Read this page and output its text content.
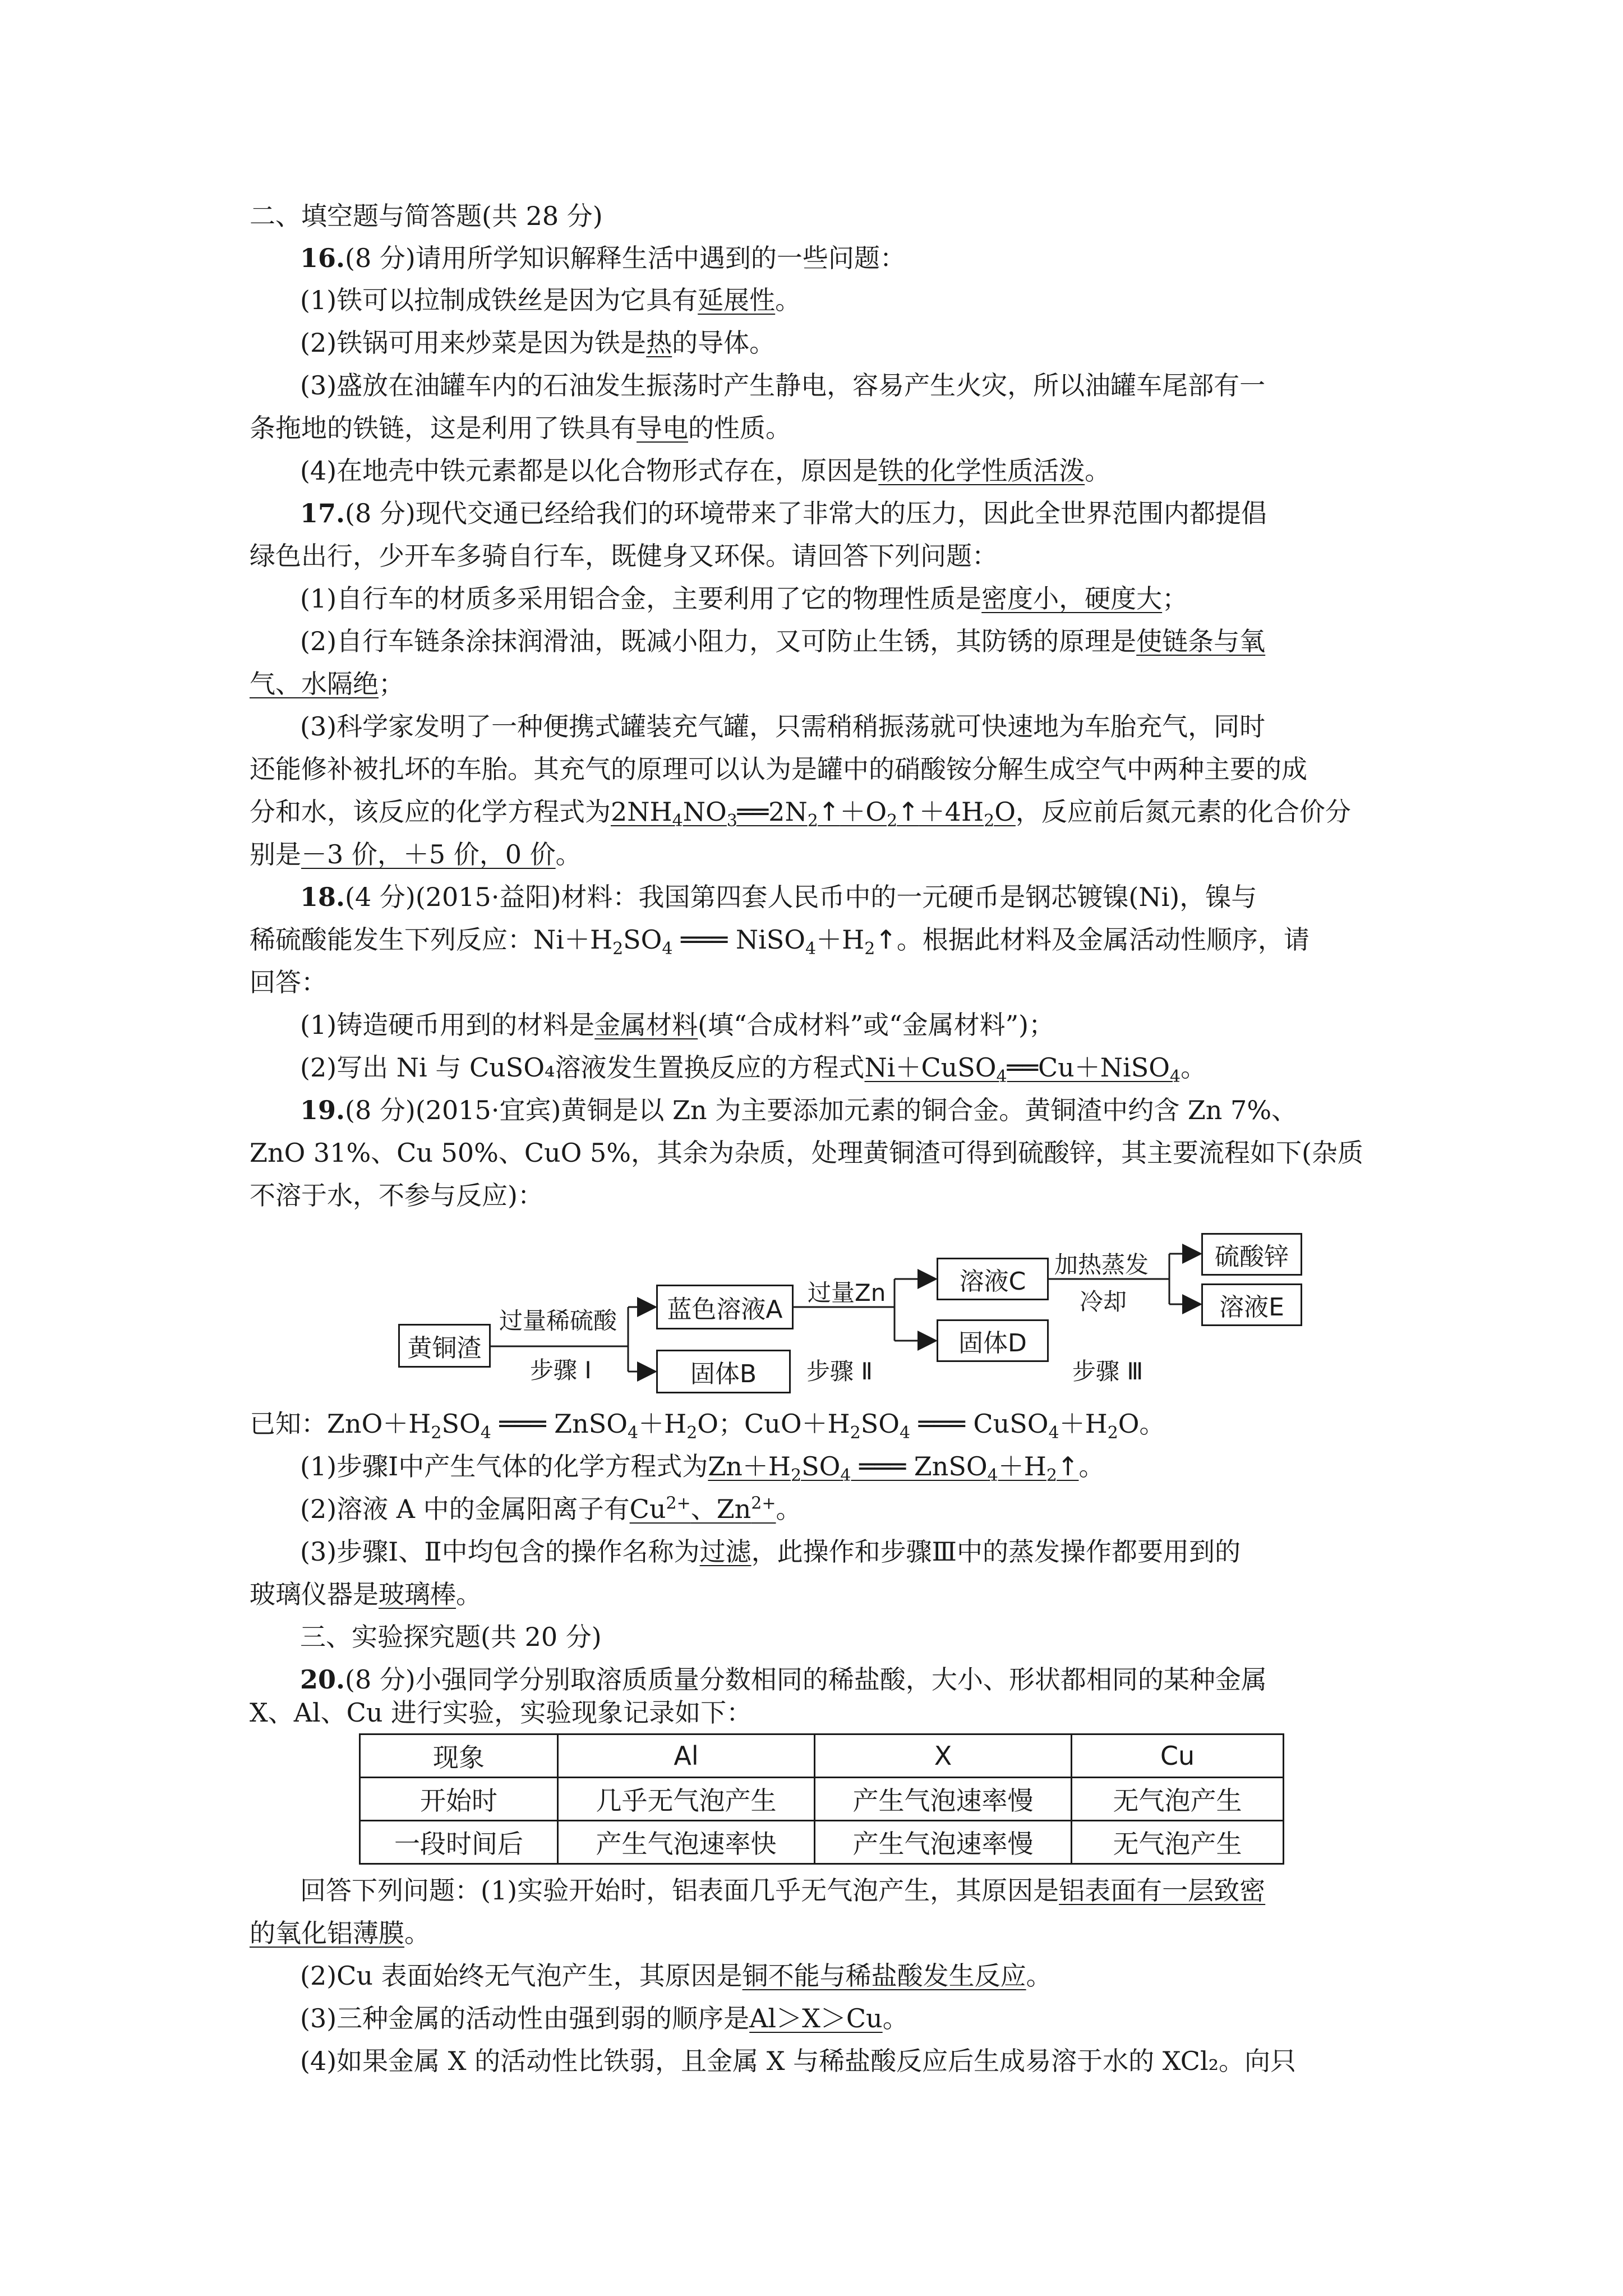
二、填空题与简答题(共 28 分)
16.(8 分)请用所学知识解释生活中遇到的一些问题：
(1)铁可以拉制成铁丝是因为它具有延展性。
(2)铁锅可用来炒菜是因为铁是热的导体。
(3)盛放在油罐车内的石油发生振荡时产生静电，容易产生火灾，所以油罐车尾部有一
条拖地的铁链，这是利用了铁具有导电的性质。
(4)在地壳中铁元素都是以化合物形式存在，原因是铁的化学性质活泼。
17.(8 分)现代交通已经给我们的环境带来了非常大的压力，因此全世界范围内都提倡
绿色出行，少开车多骑自行车，既健身又环保。请回答下列问题：
(1)自行车的材质多采用铝合金，主要利用了它的物理性质是密度小，硬度大；
(2)自行车链条涂抹润滑油，既减小阻力，又可防止生锈，其防锈的原理是使链条与氧
气、水隔绝；
(3)科学家发明了一种便携式罐装充气罐，只需稍稍振荡就可快速地为车胎充气，同时
还能修补被扎坏的车胎。其充气的原理可以认为是罐中的硝酸铵分解生成空气中两种主要的成
分和水，该反应的化学方程式为$2NH_4NO_3══2N_2↑+O_2↑+4H_2O$，反应前后氮元素的化合价分
别是－3 价，＋5 价，0 价。
18.(4 分)(2015·益阳)材料：我国第四套人民币中的一元硬币是钢芯镀镍(Ni)，镍与
稀硫酸能发生下列反应：$Ni+H_2SO_4$ ═══ $NiSO_4+H_2↑$。根据此材料及金属活动性顺序，请
回答：
(1)铸造硬币用到的材料是金属材料(填“合成材料”或“金属材料”)；
(2)写出 Ni 与 CuSO₄溶液发生置换反应的方程式Ni＋CuSO$_4$══Cu＋NiSO$_4$。
19.(8 分)(2015·宜宾)黄铜是以 Zn 为主要添加元素的铜合金。黄铜渣中约含 Zn 7%、
ZnO 31%、Cu 50%、CuO 5%，其余为杂质，处理黄铜渣可得到硫酸锌，其主要流程如下(杂质
不溶于水，不参与反应)：
黄铜渣
过量稀硫酸
步骤 Ⅰ
蓝色溶液A
固体B
过量Zn
步骤 Ⅱ
溶液C
固体D
加热蒸发
冷却
步骤 Ⅲ
硫酸锌
溶液E
已知：$ZnO+H_2SO_4$ ═══ $ZnSO_4+H_2O$；$CuO+H_2SO_4$ ═══ $CuSO_4+H_2O$。
(1)步骤Ⅰ中产生气体的化学方程式为$Zn+H_2SO_4$ ═══ $ZnSO_4+H_2↑$。
(2)溶液 A 中的金属阳离子有$Cu^{2+}$、$Zn^{2+}$。
(3)步骤Ⅰ、Ⅱ中均包含的操作名称为过滤，此操作和步骤Ⅲ中的蒸发操作都要用到的
玻璃仪器是玻璃棒。
三、实验探究题(共 20 分)
20.(8 分)小强同学分别取溶质质量分数相同的稀盐酸，大小、形状都相同的某种金属
X、Al、Cu 进行实验，实验现象记录如下：
现象	Al	X	Cu
开始时	几乎无气泡产生	产生气泡速率慢	无气泡产生
一段时间后	产生气泡速率快	产生气泡速率慢	无气泡产生
回答下列问题：(1)实验开始时，铝表面几乎无气泡产生，其原因是铝表面有一层致密
的氧化铝薄膜。
(2)Cu 表面始终无气泡产生，其原因是铜不能与稀盐酸发生反应。
(3)三种金属的活动性由强到弱的顺序是Al＞X＞Cu。
(4)如果金属 X 的活动性比铁弱，且金属 X 与稀盐酸反应后生成易溶于水的 XCl₂。向只
